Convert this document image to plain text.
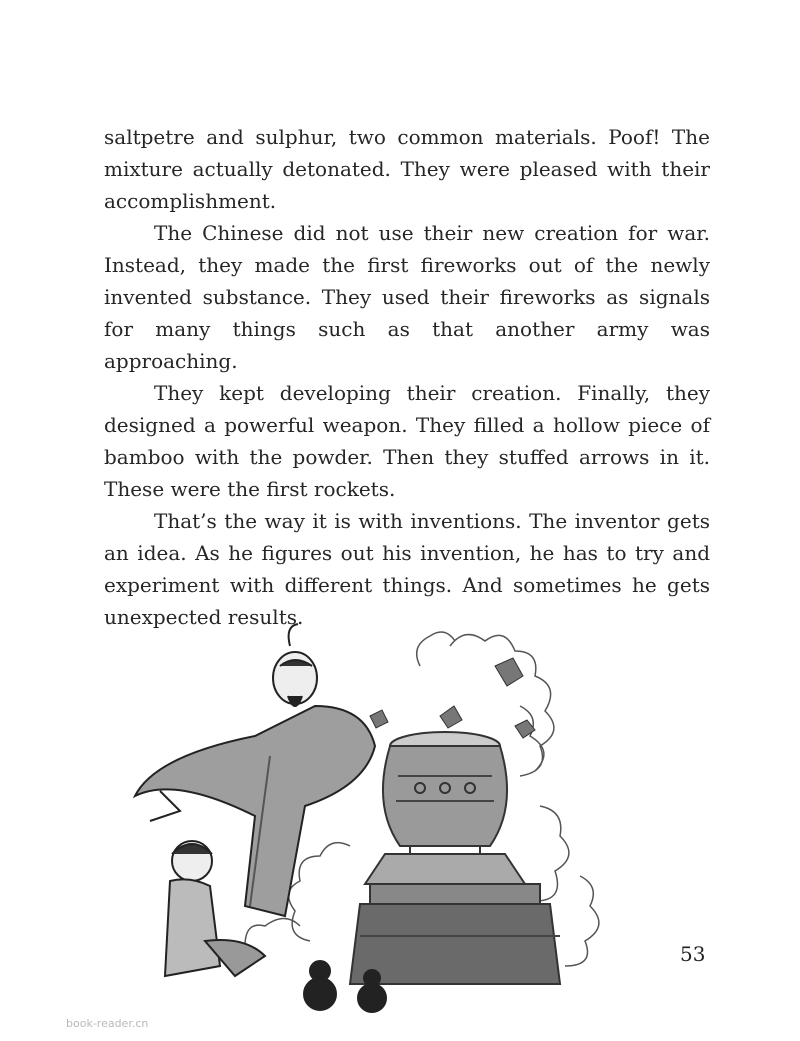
saltpetre and sulphur, two common materials. Poof! The mixture actually detonated. They were pleased with their accomplishment.

The Chinese did not use their new creation for war. Instead, they made the first fireworks out of the newly invented substance. They used their fireworks as signals for many things such as that another army was approaching.

They kept developing their creation. Finally, they designed a powerful weapon. They filled a hollow piece of bamboo with the powder. Then they stuffed arrows in it. These were the first rockets.

That’s the way it is with inventions. The inventor gets an idea. As he figures out his invention, he has to try and experiment with different things. And sometimes he gets unexpected results.

53
book-reader.cn
